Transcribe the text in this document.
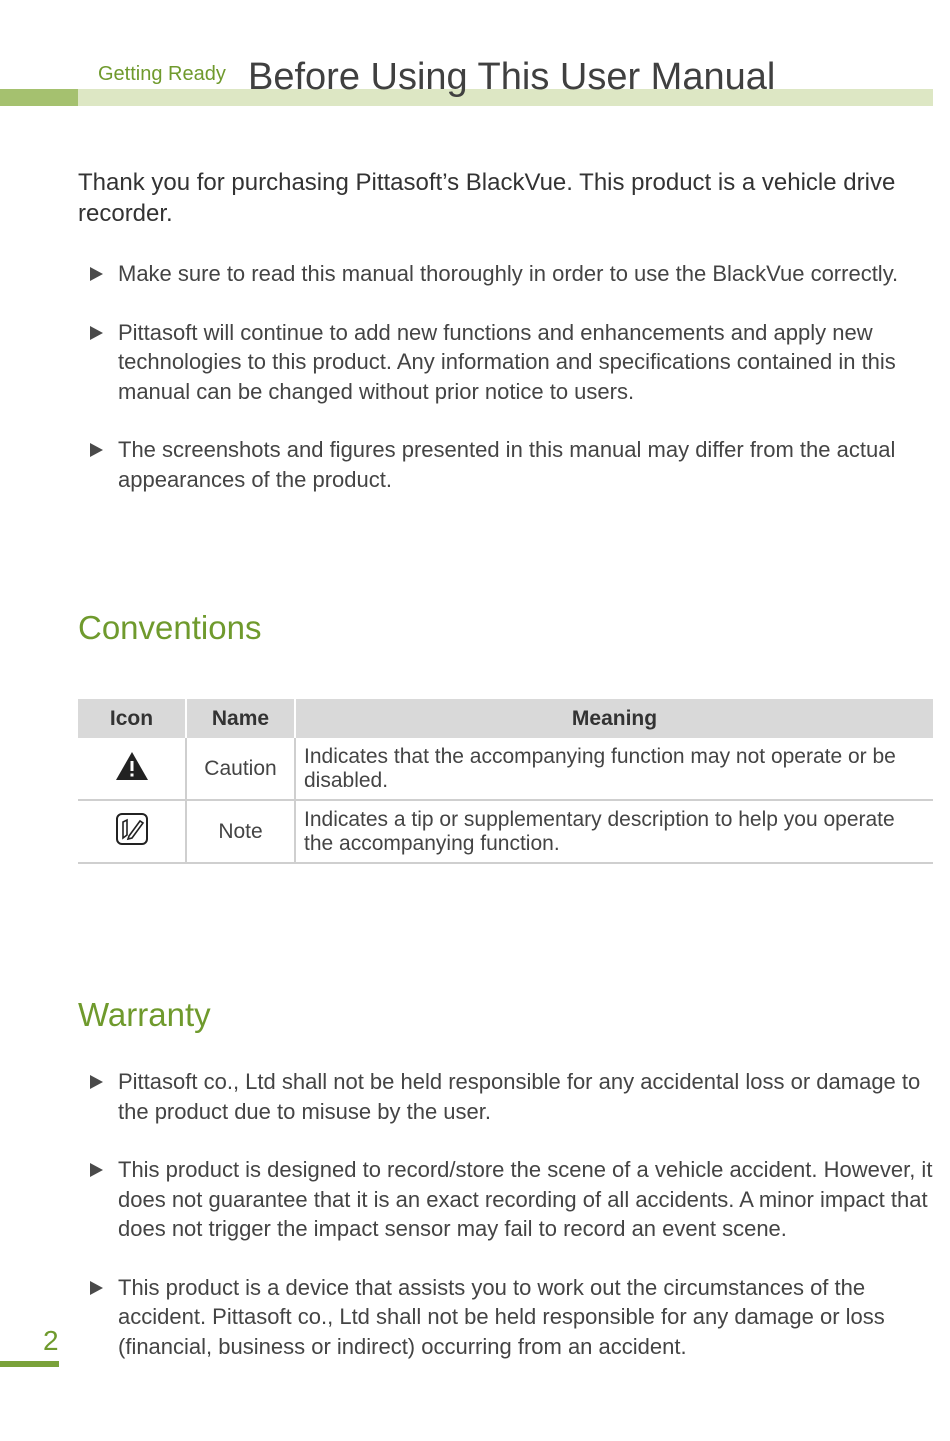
Getting Ready Before Using This User Manual

Thank you for purchasing Pittasoft’s BlackVue. This product is a vehicle drive recorder.

Make sure to read this manual thoroughly in order to use the BlackVue correctly.
Pittasoft will continue to add new functions and enhancements and apply new technologies to this product. Any information and specifications contained in this manual can be changed without prior notice to users.
The screenshots and figures presented in this manual may differ from the actual appearances of the product.
Conventions
Icon	Name	Meaning
	Caution	Indicates that the accompanying function may not operate or be disabled.
	Note	Indicates a tip or supplementary description to help you operate the accompanying function.
Warranty
Pittasoft co., Ltd shall not be held responsible for any accidental loss or damage to the product due to misuse by the user.
This product is designed to record/store the scene of a vehicle accident. However, it does not guarantee that it is an exact recording of all accidents. A minor impact that does not trigger the impact sensor may fail to record an event scene.
This product is a device that assists you to work out the circumstances of the accident. Pittasoft co., Ltd shall not be held responsible for any damage or loss (financial, business or indirect) occurring from an accident.
2
